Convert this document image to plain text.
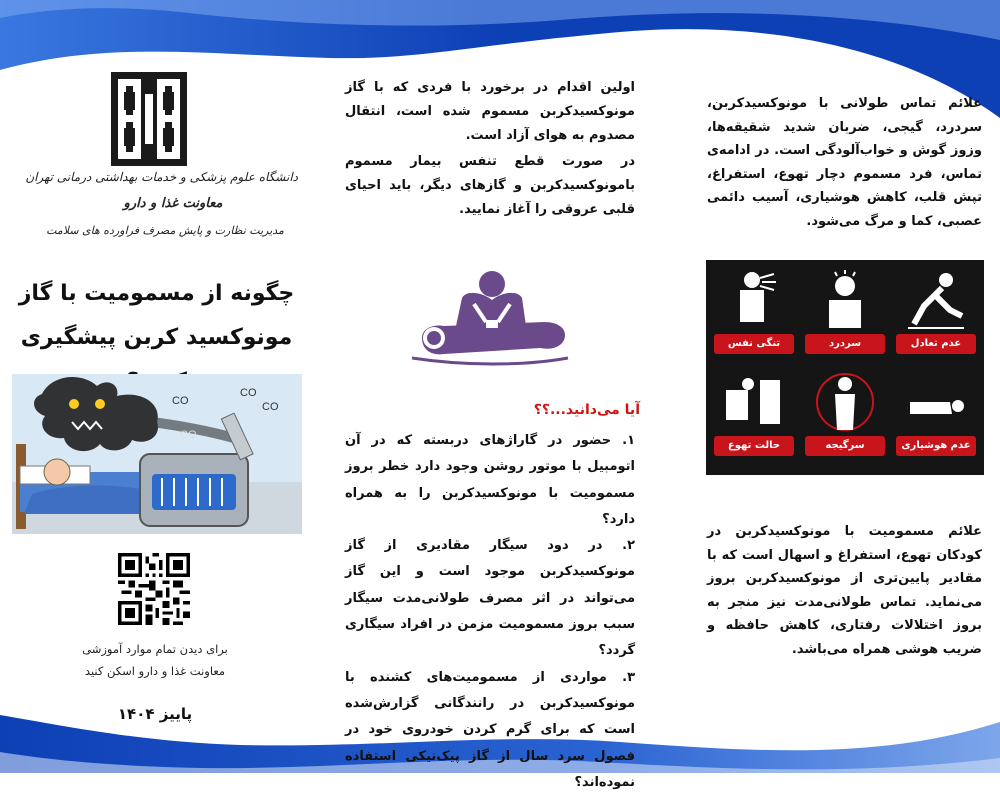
دانشگاه علوم پزشکی و خدمات بهداشتی درمانی تهران
معاونت غذا و دارو
مدیریت نظارت و پایش مصرف فراورده های سلامت
چگونه از مسمومیت با گاز
مونوکسید کربن پیشگیری
CO
CO
CO
CO
برای دیدن تمام موارد آموزشی
معاونت غذا و دارو اسکن کنید
پاییز ۱۴۰۴

اولین اقدام در برخورد با فردی که با گاز مونوکسیدکربن مسموم شده است، انتقال مصدوم به هوای آزاد است.

در صورت قطع تنفس بیمار مسموم بامونوکسیدکربن و گازهای دیگر، باید احیای قلبی عروقی را آغاز نمایید.

آیا می‌دانید...؟؟

۱. حضور در گاراژهای دربسته که در آن اتومبیل با موتور روشن وجود دارد خطر بروز مسمومیت با مونوکسیدکربن را به همراه دارد؟

۲. در دود سیگار مقادیری از گاز مونوکسیدکربن موجود است و این گاز می‌تواند در اثر مصرف طولانی‌مدت سیگار سبب بروز مسمومیت مزمن در افراد سیگاری گردد؟

۳. مواردی از مسمومیت‌های کشنده با مونوکسیدکربن در رانندگانی گزارش‌شده است که برای گرم کردن خودروی خود در فصول سرد سال از گاز پیک‌نیکی استفاده نموده‌اند؟

علائم تماس طولانی با مونوکسیدکربن، سردرد، گیجی، ضربان شدید شقیقه‌ها، وزوز گوش و خواب‌آلودگی است. در ادامه‌ی تماس، فرد مسموم دچار تهوع، استفراغ، تپش قلب، کاهش هوشیاری، آسیب دائمی عصبی، کما و مرگ می‌شود.
تنگی نفس	سردرد	عدم تعادل
حالت تهوع	سرگیجه	عدم هوشیاری
علائم مسمومیت با مونوکسیدکربن در کودکان تهوع، استفراغ و اسهال است که با مقادیر پایین‌تری از مونوکسیدکربن بروز می‌نماید. تماس طولانی‌مدت نیز منجر به بروز اختلالات رفتاری، کاهش حافظه و ضریب هوشی همراه می‌باشد.
